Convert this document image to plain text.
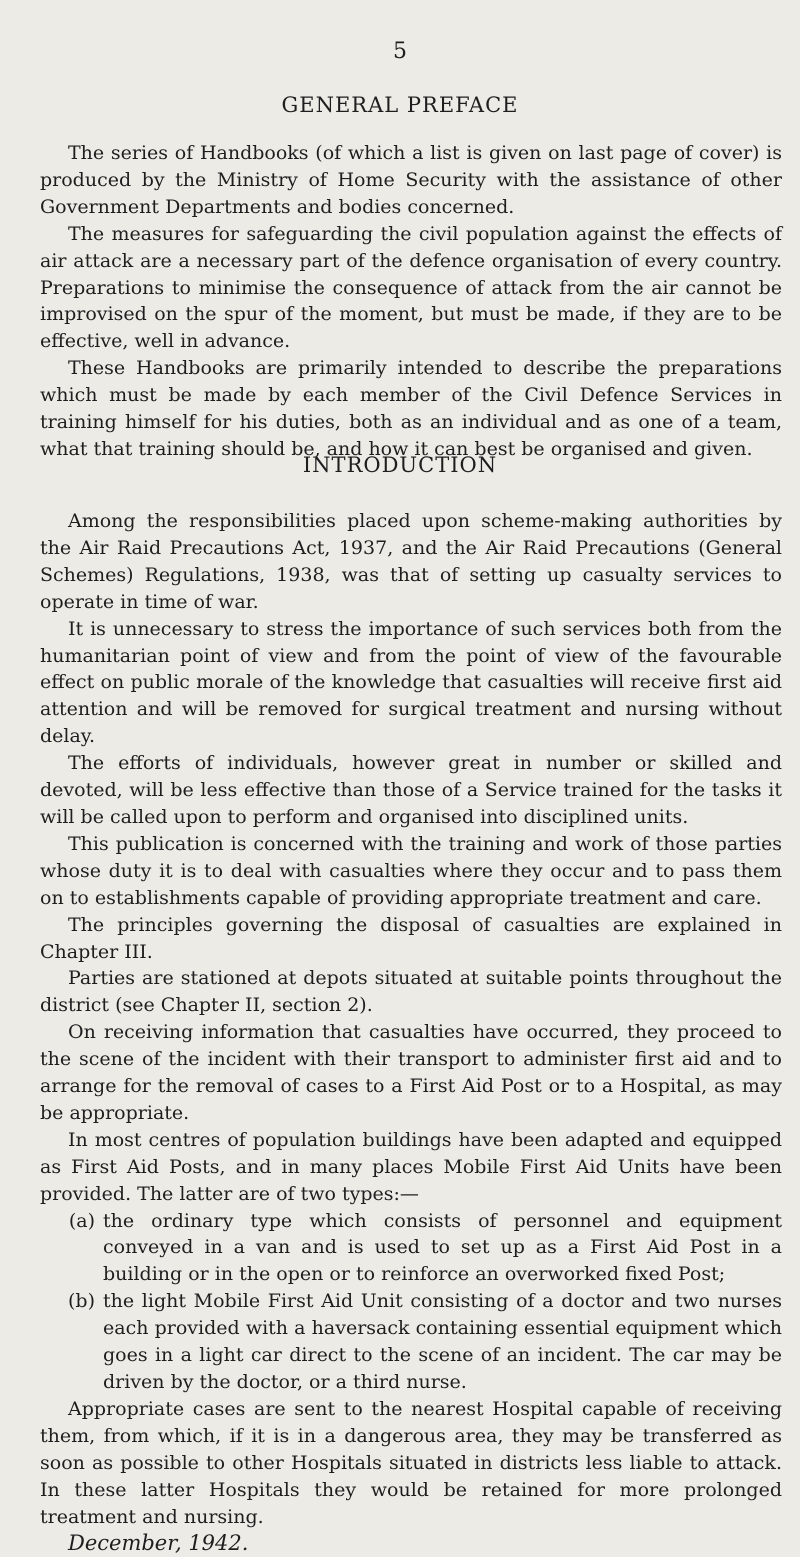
5
GENERAL PREFACE

The series of Handbooks (of which a list is given on last page of cover) is produced by the Ministry of Home Security with the assistance of other Government Departments and bodies concerned.

The measures for safeguarding the civil population against the effects of air attack are a necessary part of the defence organisation of every country. Preparations to minimise the consequence of attack from the air cannot be improvised on the spur of the moment, but must be made, if they are to be effective, well in advance.

These Handbooks are primarily intended to describe the preparations which must be made by each member of the Civil Defence Services in training himself for his duties, both as an individual and as one of a team, what that training should be, and how it can best be organised and given.

INTRODUCTION

Among the responsibilities placed upon scheme-making authorities by the Air Raid Precautions Act, 1937, and the Air Raid Precautions (General Schemes) Regulations, 1938, was that of setting up casualty services to operate in time of war.

It is unnecessary to stress the importance of such services both from the humanitarian point of view and from the point of view of the favourable effect on public morale of the knowledge that casualties will receive first aid attention and will be removed for surgical treatment and nursing without delay.

The efforts of individuals, however great in number or skilled and devoted, will be less effective than those of a Service trained for the tasks it will be called upon to perform and organised into disciplined units.

This publication is concerned with the training and work of those parties whose duty it is to deal with casualties where they occur and to pass them on to establishments capable of providing appropriate treatment and care.

The principles governing the disposal of casualties are explained in Chapter III.

Parties are stationed at depots situated at suitable points throughout the district (see Chapter II, section 2).

On receiving information that casualties have occurred, they proceed to the scene of the incident with their transport to administer first aid and to arrange for the removal of cases to a First Aid Post or to a Hospital, as may be appropriate.

In most centres of population buildings have been adapted and equipped as First Aid Posts, and in many places Mobile First Aid Units have been provided. The latter are of two types:—

(a) the ordinary type which consists of personnel and equipment conveyed in a van and is used to set up as a First Aid Post in a building or in the open or to reinforce an overworked fixed Post;
(b) the light Mobile First Aid Unit consisting of a doctor and two nurses each provided with a haversack containing essential equipment which goes in a light car direct to the scene of an incident. The car may be driven by the doctor, or a third nurse.

Appropriate cases are sent to the nearest Hospital capable of receiving them, from which, if it is in a dangerous area, they may be transferred as soon as possible to other Hospitals situated in districts less liable to attack. In these latter Hospitals they would be retained for more prolonged treatment and nursing.

December, 1942.
